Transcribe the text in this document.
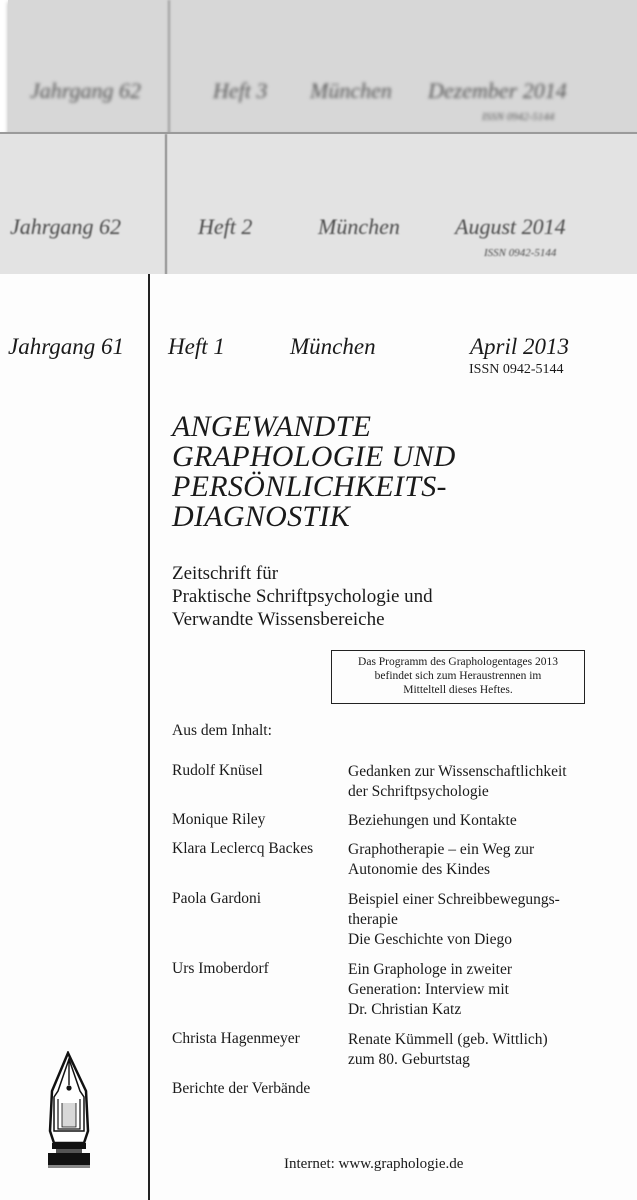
Jahrgang 62	Heft 3 München Dezember 2014
ISSN 0942-5144
Jahrgang 62	Heft 2	München	August 2014
ISSN 0942-5144
Jahrgang 61 Heft 1	München	April 2013
ISSN 0942-5144
ANGEWANDTE
GRAPHOLOGIE UND
PERSÖNLICHKEITS-
DIAGNOSTIK
Zeitschrift für
Praktische Schriftpsychologie und
Verwandte Wissensbereiche
Das Programm des Graphologentages 2013
befindet sich zum Heraustrennen im
Mitteltell dieses Heftes.
Aus dem Inhalt:
Rudolf Knüsel	Gedanken zur Wissenschaftlichkeit
der Schriftpsychologie
Monique Riley	Beziehungen und Kontakte
Klara Leclercq Backes Graphotherapie – ein Weg zur
Autonomie des Kindes
Paola Gardoni	Beispiel einer Schreibbewegungs-
therapie
Die Geschichte von Diego
Urs Imoberdorf	Ein Graphologe in zweiter
Generation: Interview mit
Dr. Christian Katz
Christa Hagenmeyer	Renate Kümmell (geb. Wittlich)
zum 80. Geburtstag
Berichte der Verbände
Internet: www.graphologie.de
